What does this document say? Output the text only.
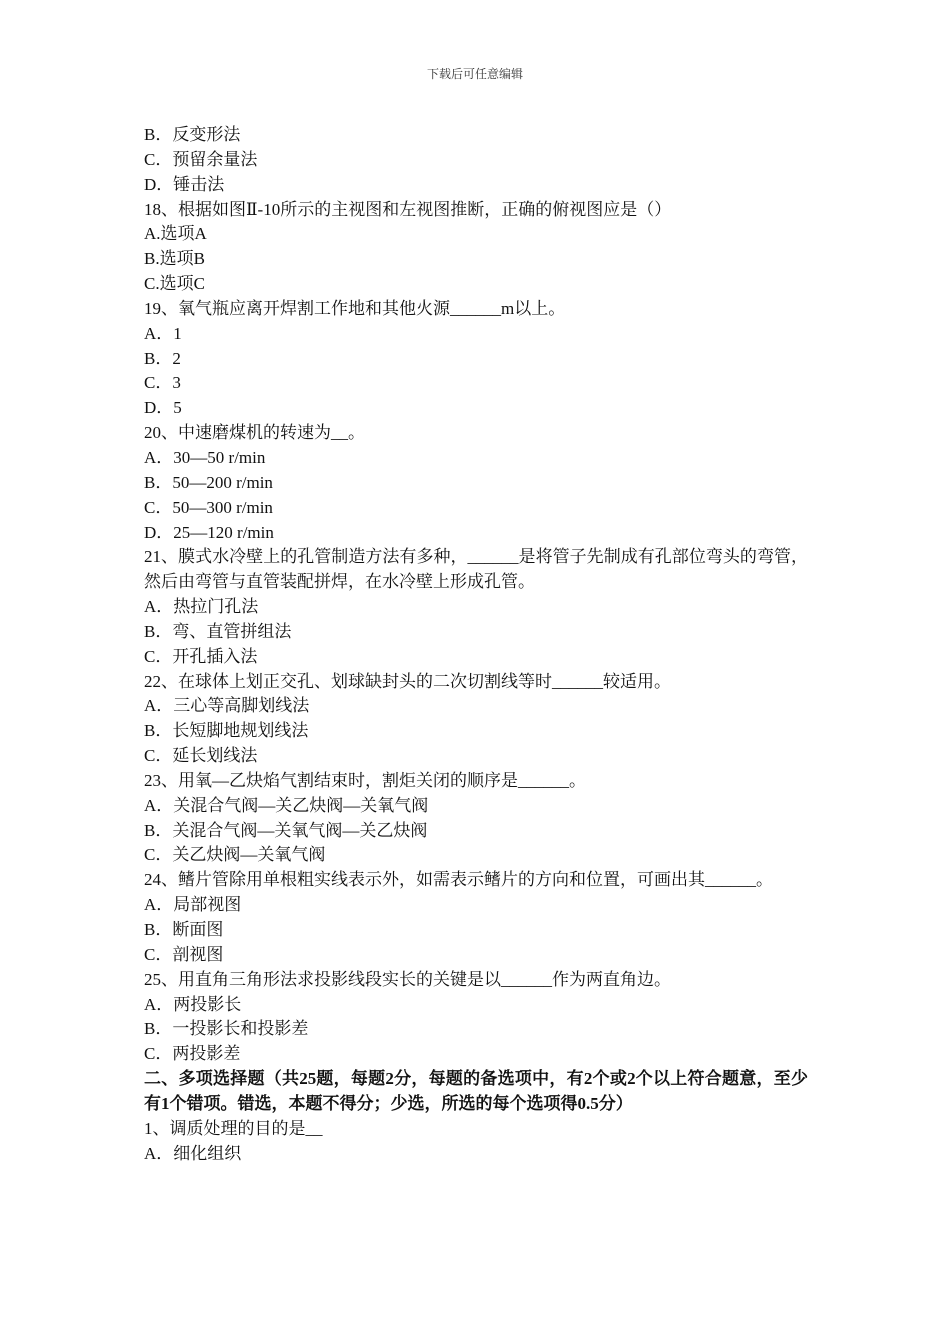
下载后可任意编辑
B．反变形法
C．预留余量法
D．锤击法
18、根据如图Ⅱ-10所示的主视图和左视图推断，正确的俯视图应是（）
A.选项A
B.选项B
C.选项C
19、氧气瓶应离开焊割工作地和其他火源______m以上。
A．1
B．2
C．3
D．5
20、中速磨煤机的转速为__。
A．30—50 r/min
B．50—200 r/min
C．50—300 r/min
D．25—120 r/min
21、膜式水冷壁上的孔管制造方法有多种，______是将管子先制成有孔部位弯头的弯管，然后由弯管与直管装配拼焊，在水冷壁上形成孔管。
A．热拉门孔法
B．弯、直管拼组法
C．开孔插入法
22、在球体上划正交孔、划球缺封头的二次切割线等时______较适用。
A．三心等高脚划线法
B．长短脚地规划线法
C．延长划线法
23、用氧—乙炔焰气割结束时，割炬关闭的顺序是______。
A．关混合气阀—关乙炔阀—关氧气阀
B．关混合气阀—关氧气阀—关乙炔阀
C．关乙炔阀—关氧气阀
24、鳍片管除用单根粗实线表示外，如需表示鳍片的方向和位置，可画出其______。
A．局部视图
B．断面图
C．剖视图
25、用直角三角形法求投影线段实长的关键是以______作为两直角边。
A．两投影长
B．一投影长和投影差
C．两投影差
二、多项选择题（共25题，每题2分，每题的备选项中，有2个或2个以上符合题意，至少有1个错项。错选，本题不得分；少选，所选的每个选项得0.5分）
1、调质处理的目的是__
A．细化组织
